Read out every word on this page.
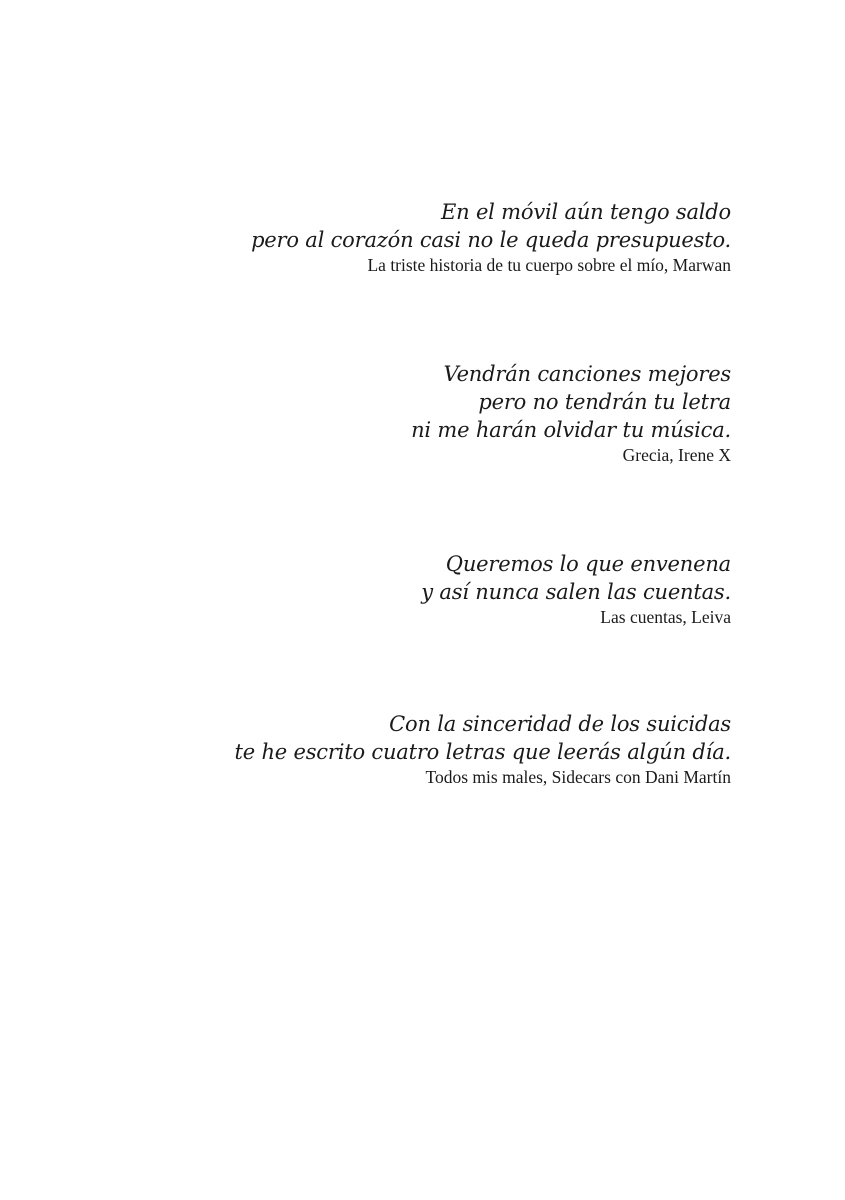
En el móvil aún tengo saldo
pero al corazón casi no le queda presupuesto.
La triste historia de tu cuerpo sobre el mío, Marwan
Vendrán canciones mejores
pero no tendrán tu letra
ni me harán olvidar tu música.
Grecia, Irene X
Queremos lo que envenena
y así nunca salen las cuentas.
Las cuentas, Leiva
Con la sinceridad de los suicidas
te he escrito cuatro letras que leerás algún día.
Todos mis males, Sidecars con Dani Martín
